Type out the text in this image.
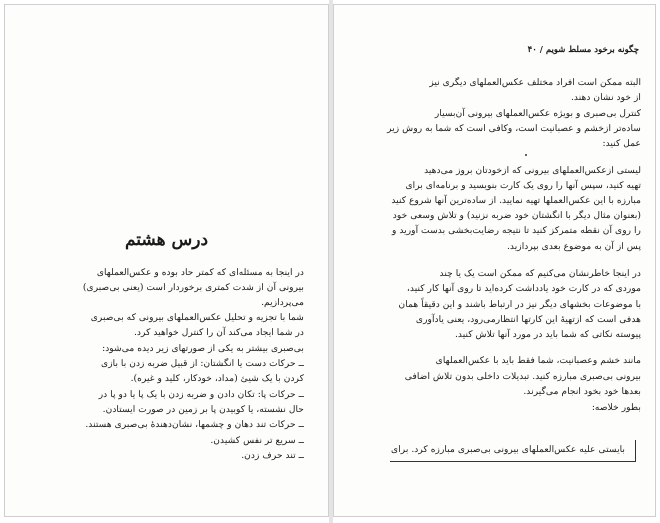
درس هشتم
در اینجا به مسئله‌ای که کمتر حاد بوده و عکس‌العملهای
بیرونی آن از شدت کمتری برخوردار است (یعنی بی‌صبری)
می‌پردازیم.
شما با تجزیه و تحلیل عکس‌العملهای بیرونی که بی‌صبری
در شما ایجاد می‌کند آن را کنترل خواهید کرد.
بی‌صبری بیشتر به یکی از صورتهای زیر دیده می‌شود:
ــ حرکات دست یا انگشتان: از قبیل ضربه زدن با بازی
کردن با یک شیئ (مداد، خودکار، کلید و غیره).
ــ حرکات پا: تکان دادن و ضربه زدن با یک پا یا دو پا در
حال نشسته، یا کوبیدن پا بر زمین در صورت ایستادن.
ــ حرکات تند دهان و چشمها، نشان‌دهندهٔ بی‌صبری هستند.
ــ سریع تر نفس کشیدن.
ــ تند حرف زدن.
چگونه برخود مسلط شویم / ۴۰
البته ممکن است افراد مختلف عکس‌العملهای دیگری نیز
از خود نشان دهند.
کنترل بی‌صبری و بویژه عکس‌العملهای بیرونی آن‌بسیار
ساده‌تر ازخشم و عصبانیت است، وکافی است که شما به روش زیر
عمل کنید:
لیستی ازعکس‌العملهای بیرونی که ازخودتان بروز می‌دهید
تهیه کنید، سپس آنها را روی یک کارت بنویسید و برنامه‌ای برای
مبارزه با این عکس‌العملها تهیه نمایید. از ساده‌ترین آنها شروع کنید
(بعنوان مثال دیگر با انگشتان خود ضربه نزنید) و تلاش وسعی خود
را روی آن نقطه متمرکز کنید تا نتیجه رضایت‌بخشی بدست آورید و
پس از آن به موضوع بعدی بپردازید.
در اینجا خاطرنشان می‌کنیم که ممکن است یک یا چند
موردی که در کارت خود یادداشت کرده‌اید تا روی آنها کار کنید،
با موضوعات بخشهای دیگر نیز در ارتباط باشند و این دقیقاً همان
هدفی است که ازتهیهٔ این کارتها انتظارمی‌رود، یعنی یادآوری
پیوسته نکاتی که شما باید در مورد آنها تلاش کنید.
مانند خشم وعصبانیت، شما فقط باید با عکس‌العملهای
بیرونی بی‌صبری مبارزه کنید. تبدیلات داخلی بدون تلاش اضافی
بعدها خود بخود انجام می‌گیرند.
بطور خلاصه:
بایستی علیه عکس‌العملهای بیرونی بی‌صبری مبارزه کرد. برای
